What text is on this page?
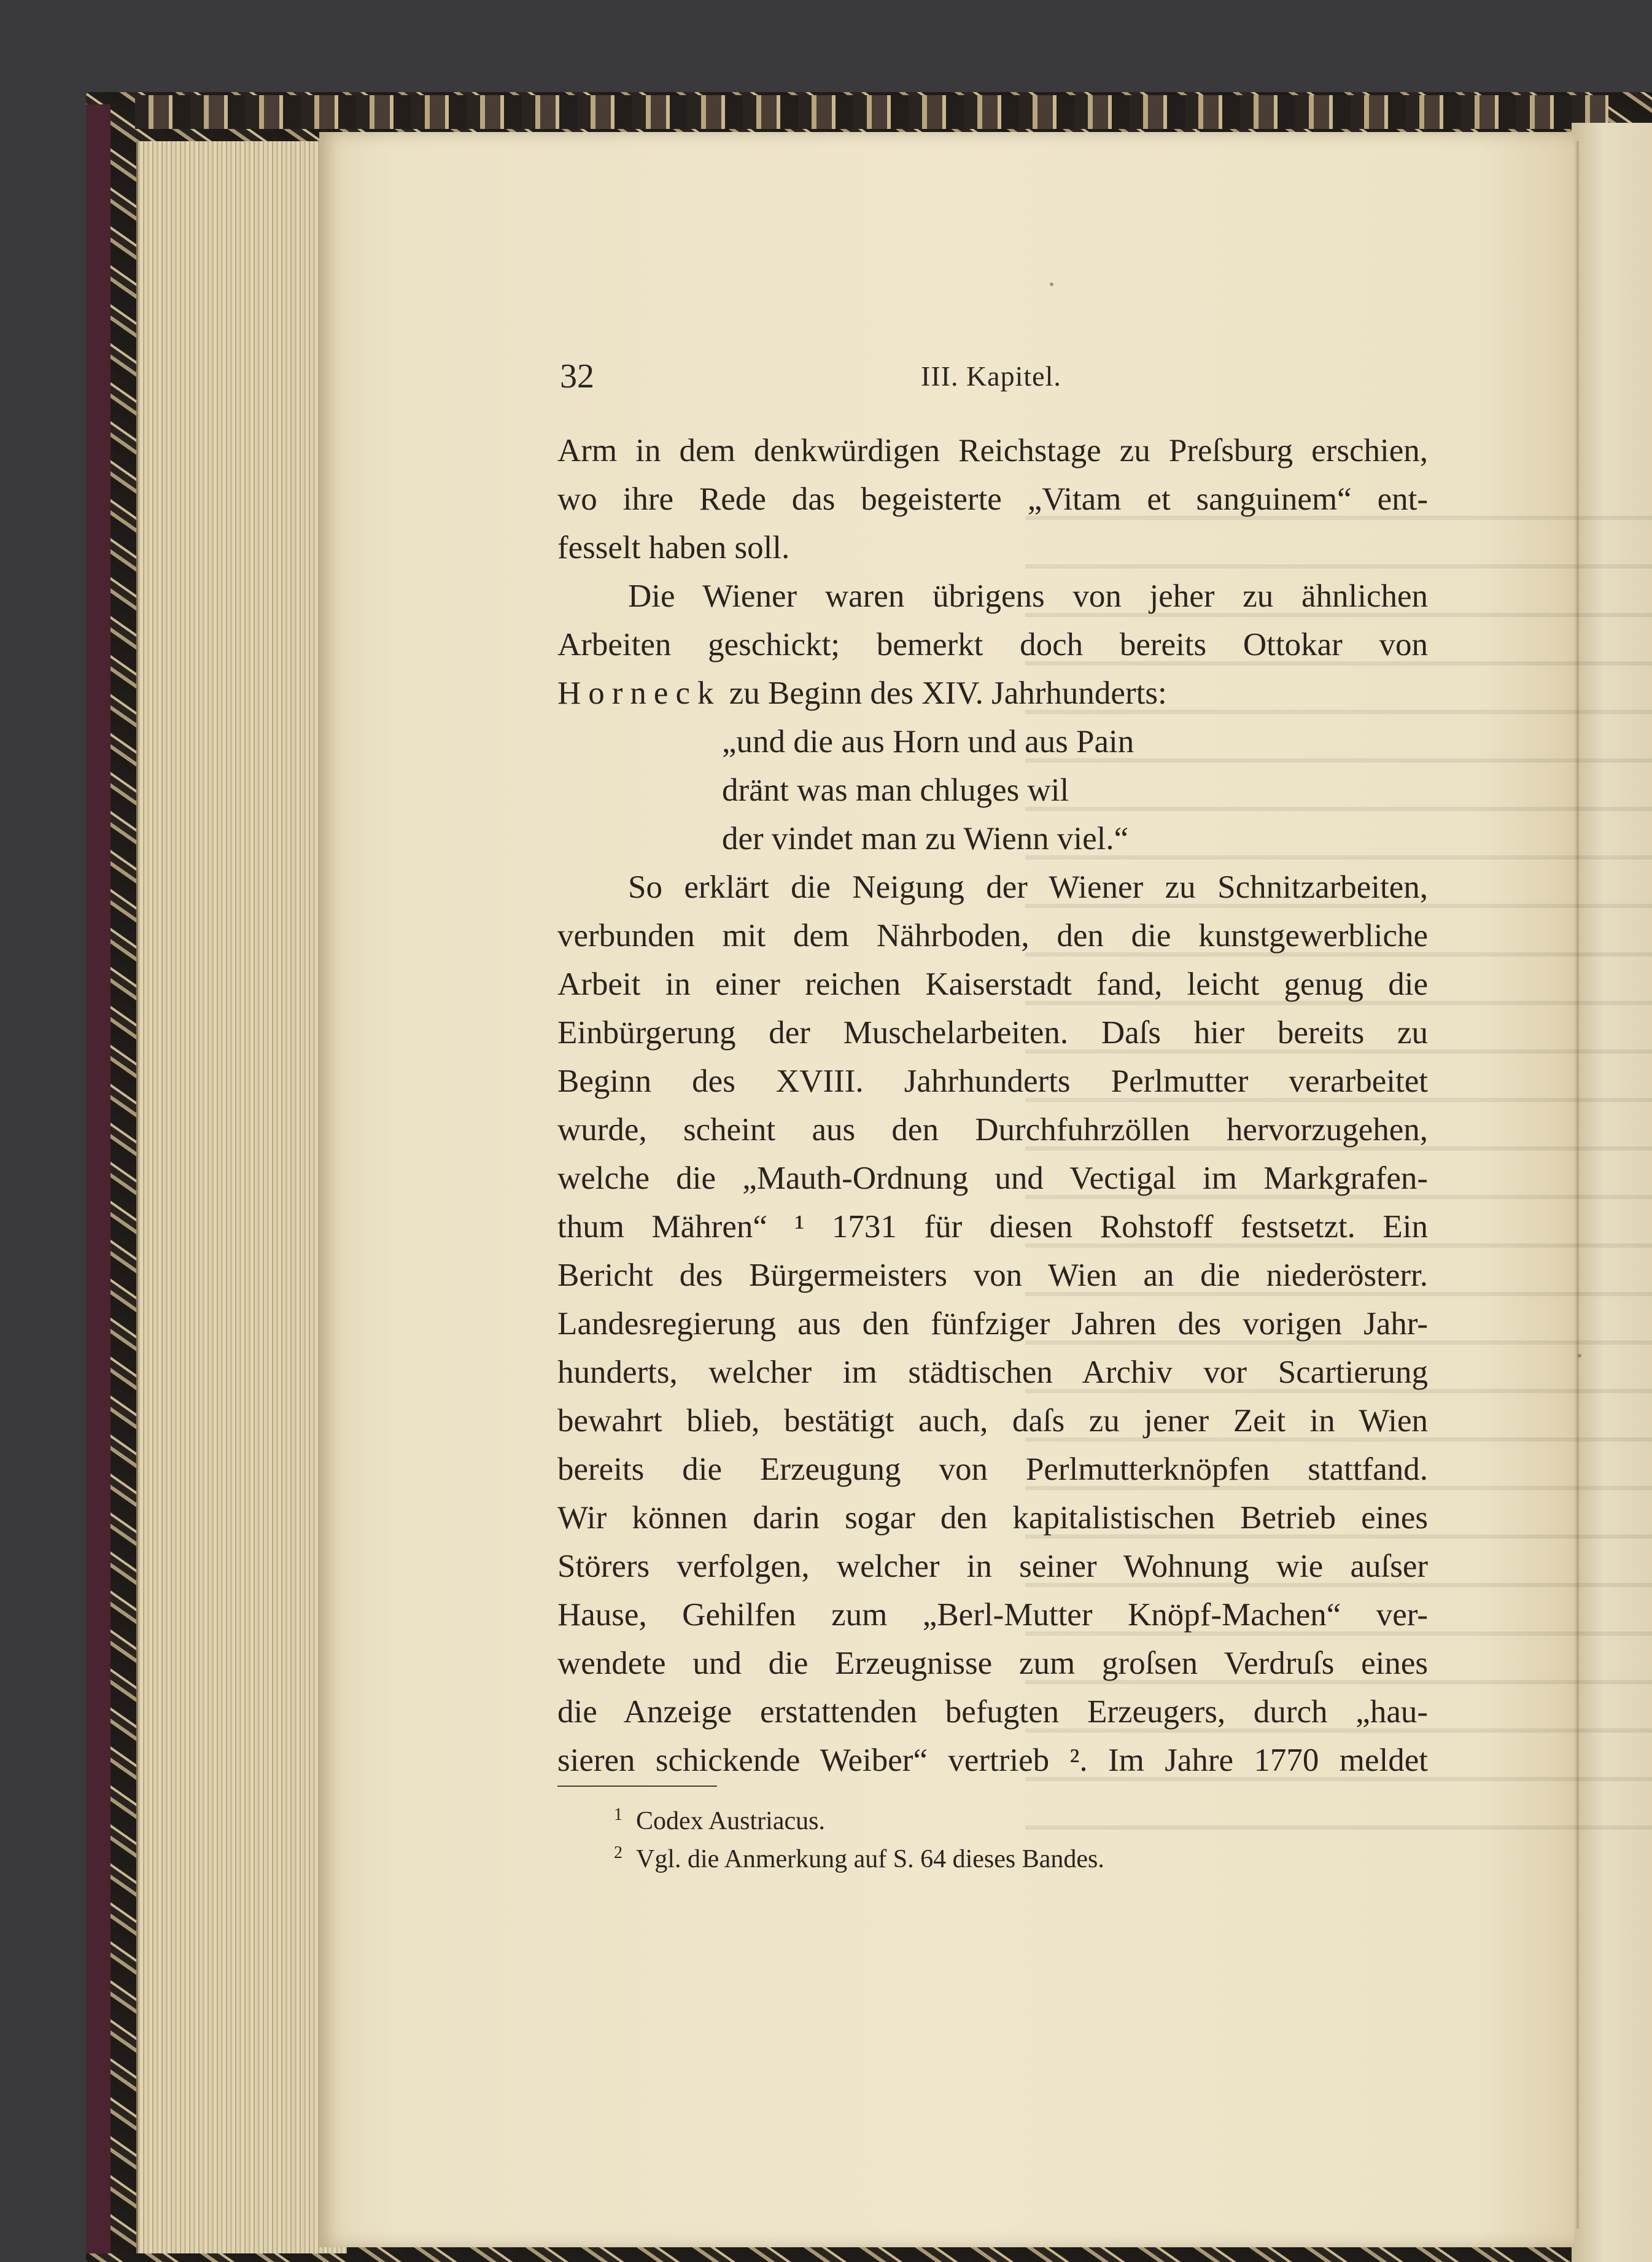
32	III. Kapitel.
Arm in dem denkwürdigen Reichstage zu Preſsburg erschien,
wo ihre Rede das begeisterte „Vitam et sanguinem“ ent-
fesselt haben soll.
Die Wiener waren übrigens von jeher zu ähnlichen
Arbeiten geschickt; bemerkt doch bereits Ottokar von
Horneck zu Beginn des XIV. Jahrhunderts:
„und die aus Horn und aus Pain
dränt was man chluges wil
der vindet man zu Wienn viel.“
So erklärt die Neigung der Wiener zu Schnitzarbeiten,
verbunden mit dem Nährboden, den die kunstgewerbliche
Arbeit in einer reichen Kaiserstadt fand, leicht genug die
Einbürgerung der Muschelarbeiten. Daſs hier bereits zu
Beginn des XVIII. Jahrhunderts Perlmutter verarbeitet
wurde, scheint aus den Durchfuhrzöllen hervorzugehen,
welche die „Mauth-Ordnung und Vectigal im Markgrafen-
thum Mähren“ ¹ 1731 für diesen Rohstoff festsetzt. Ein
Bericht des Bürgermeisters von Wien an die niederösterr.
Landesregierung aus den fünfziger Jahren des vorigen Jahr-
hunderts, welcher im städtischen Archiv vor Scartierung
bewahrt blieb, bestätigt auch, daſs zu jener Zeit in Wien
bereits die Erzeugung von Perlmutterknöpfen stattfand.
Wir können darin sogar den kapitalistischen Betrieb eines
Störers verfolgen, welcher in seiner Wohnung wie auſser
Hause, Gehilfen zum „Berl-Mutter Knöpf-Machen“ ver-
wendete und die Erzeugnisse zum groſsen Verdruſs eines
die Anzeige erstattenden befugten Erzeugers, durch „hau-
sieren schickende Weiber“ vertrieb ². Im Jahre 1770 meldet
$^1$ Codex Austriacus.
$^2$ Vgl. die Anmerkung auf S. 64 dieses Bandes.
